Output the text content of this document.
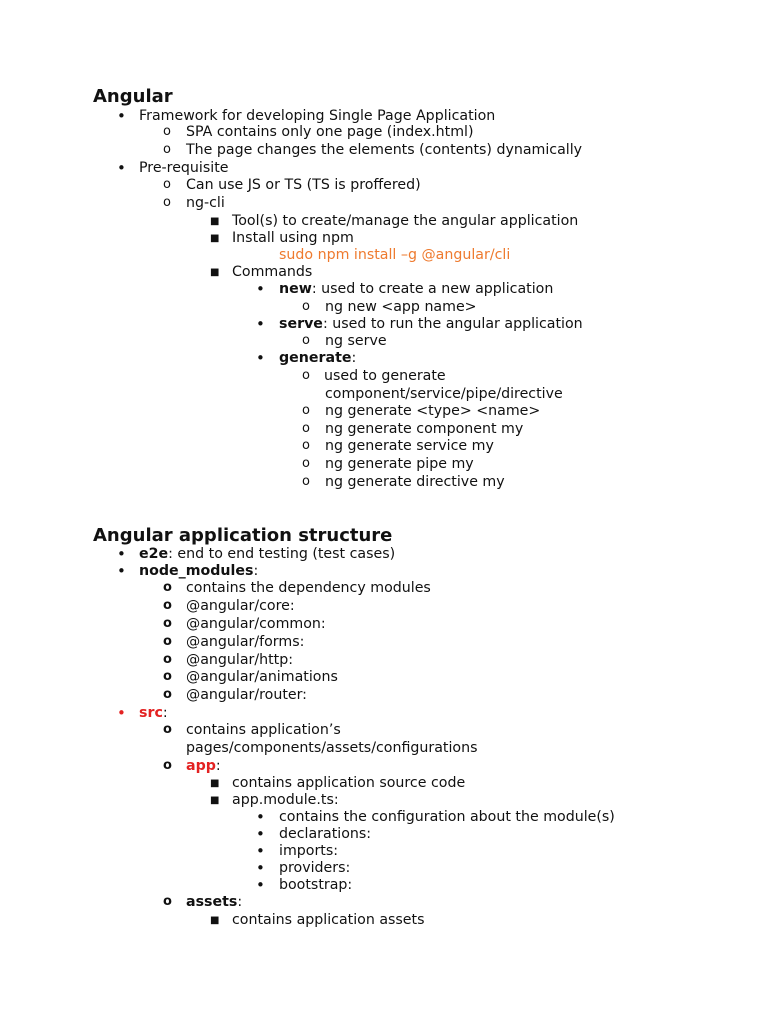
Angular
• Framework for developing Single Page Application
o SPA contains only one page (index.html)
o The page changes the elements (contents) dynamically
• Pre-requisite
o Can use JS or TS (TS is proffered)
o ng-cli
■ Tool(s) to create/manage the angular application
■ Install using npm
sudo npm install –g @angular/cli
■ Commands
• new: used to create a new application
o ng new <app name>
• serve: used to run the angular application
o ng serve
• generate:
o used to generate
component/service/pipe/directive
o ng generate <type> <name>
o ng generate component my
o ng generate service my
o ng generate pipe my
o ng generate directive my
Angular application structure
• e2e: end to end testing (test cases)
• node_modules:
o contains the dependency modules
o @angular/core:
o @angular/common:
o @angular/forms:
o @angular/http:
o @angular/animations
o @angular/router:
• src:
o contains application’s
pages/components/assets/configurations
o app:
■ contains application source code
■ app.module.ts:
• contains the configuration about the module(s)
• declarations:
• imports:
• providers:
• bootstrap:
o assets:
■ contains application assets
